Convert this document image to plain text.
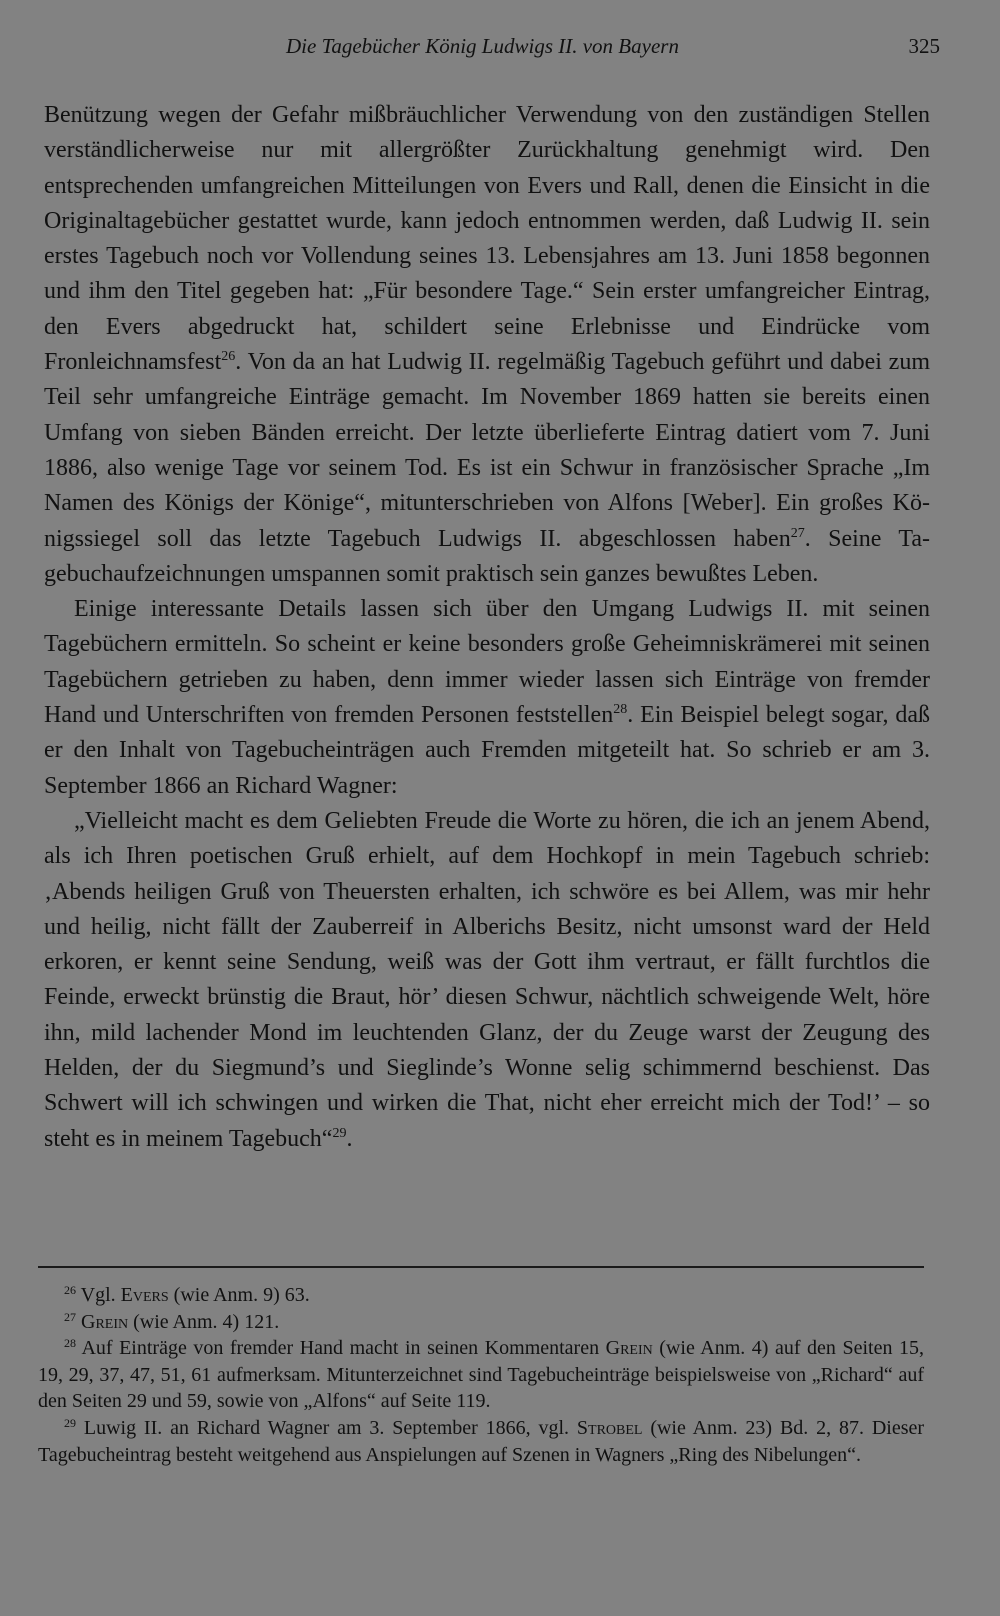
Die Tagebücher König Ludwigs II. von Bayern	325

Benützung wegen der Gefahr mißbräuchlicher Verwendung von den zuständigen Stellen verständlicherweise nur mit allergrößter Zurückhaltung genehmigt wird. Den entsprechenden umfangreichen Mitteilungen von Evers und Rall, denen die Einsicht in die Originaltagebücher gestattet wurde, kann jedoch entnommen werden, daß Ludwig II. sein erstes Tagebuch noch vor Vollendung seines 13. Lebensjahres am 13. Juni 1858 begonnen und ihm den Titel gegeben hat: „Für besondere Tage.“ Sein erster umfangreicher Eintrag, den Evers abgedruckt hat, schildert seine Erlebnisse und Eindrücke vom Fronleichnamsfest$^{26}$. Von da an hat Ludwig II. regelmäßig Tagebuch geführt und dabei zum Teil sehr umfangreiche Einträge gemacht. Im November 1869 hatten sie bereits einen Umfang von sieben Bänden erreicht. Der letzte überlieferte Eintrag datiert vom 7. Juni 1886, also wenige Tage vor seinem Tod. Es ist ein Schwur in französischer Sprache „Im Namen des Königs der Könige“, mitunterschrieben von Alfons [Weber]. Ein großes Königssiegel soll das letzte Tagebuch Ludwigs II. abgeschlossen haben$^{27}$. Seine Tagebuchaufzeichnungen umspannen somit praktisch sein ganzes bewußtes Leben.

Einige interessante Details lassen sich über den Umgang Ludwigs II. mit seinen Tagebüchern ermitteln. So scheint er keine besonders große Geheimniskrämerei mit seinen Tagebüchern getrieben zu haben, denn immer wieder lassen sich Einträge von fremder Hand und Unterschriften von fremden Personen feststellen$^{28}$. Ein Beispiel belegt sogar, daß er den Inhalt von Tagebucheinträgen auch Fremden mitgeteilt hat. So schrieb er am 3. September 1866 an Richard Wagner:

„Vielleicht macht es dem Geliebten Freude die Worte zu hören, die ich an jenem Abend, als ich Ihren poetischen Gruß erhielt, auf dem Hochkopf in mein Tagebuch schrieb: ‚Abends heiligen Gruß von Theuersten erhalten, ich schwöre es bei Allem, was mir hehr und heilig, nicht fällt der Zauberreif in Alberichs Besitz, nicht umsonst ward der Held erkoren, er kennt seine Sendung, weiß was der Gott ihm vertraut, er fällt furchtlos die Feinde, erweckt brünstig die Braut, hör’ diesen Schwur, nächtlich schweigende Welt, höre ihn, mild lachender Mond im leuchtenden Glanz, der du Zeuge warst der Zeugung des Helden, der du Siegmund’s und Sieglinde’s Wonne selig schimmernd beschienst. Das Schwert will ich schwingen und wirken die That, nicht eher erreicht mich der Tod!’ – so steht es in meinem Tagebuch“$^{29}$.

$^{26}$ Vgl. Evers (wie Anm. 9) 63.

$^{27}$ Grein (wie Anm. 4) 121.

$^{28}$ Auf Einträge von fremder Hand macht in seinen Kommentaren Grein (wie Anm. 4) auf den Seiten 15, 19, 29, 37, 47, 51, 61 aufmerksam. Mitunterzeichnet sind Tagebucheinträge beispielsweise von „Richard“ auf den Seiten 29 und 59, sowie von „Alfons“ auf Seite 119.

$^{29}$ Luwig II. an Richard Wagner am 3. September 1866, vgl. Strobel (wie Anm. 23) Bd. 2, 87. Dieser Tagebucheintrag besteht weitgehend aus Anspielungen auf Szenen in Wagners „Ring des Nibelungen“.
